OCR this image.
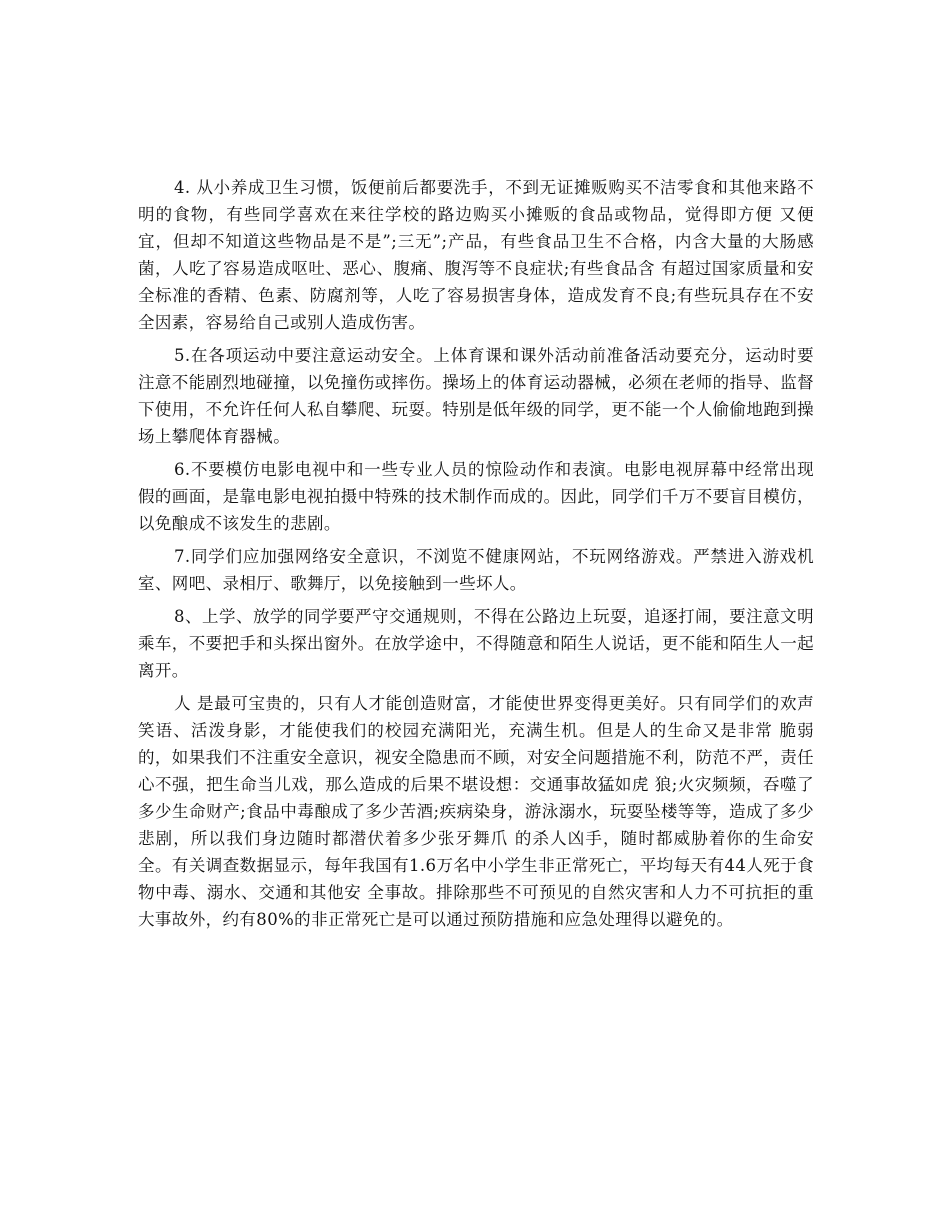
4. 从小养成卫生习惯，饭便前后都要洗手，不到无证摊贩购买不洁零食和其他来路不明的食物，有些同学喜欢在来往学校的路边购买小摊贩的食品或物品，觉得即方便 又便宜，但却不知道这些物品是不是”;三无”;产品，有些食品卫生不合格，内含大量的大肠感菌，人吃了容易造成呕吐、恶心、腹痛、腹泻等不良症状;有些食品含 有超过国家质量和安全标准的香精、色素、防腐剂等，人吃了容易损害身体，造成发育不良;有些玩具存在不安全因素，容易给自己或别人造成伤害。

5.在各项运动中要注意运动安全。上体育课和课外活动前准备活动要充分，运动时要注意不能剧烈地碰撞，以免撞伤或摔伤。操场上的体育运动器械，必须在老师的指导、监督下使用，不允许任何人私自攀爬、玩耍。特别是低年级的同学，更不能一个人偷偷地跑到操场上攀爬体育器械。

6.不要模仿电影电视中和一些专业人员的惊险动作和表演。电影电视屏幕中经常出现假的画面，是靠电影电视拍摄中特殊的技术制作而成的。因此，同学们千万不要盲目模仿，以免酿成不该发生的悲剧。

7.同学们应加强网络安全意识，不浏览不健康网站，不玩网络游戏。严禁进入游戏机室、网吧、录相厅、歌舞厅，以免接触到一些坏人。

8、上学、放学的同学要严守交通规则，不得在公路边上玩耍，追逐打闹，要注意文明乘车，不要把手和头探出窗外。在放学途中，不得随意和陌生人说话，更不能和陌生人一起离开。

人 是最可宝贵的，只有人才能创造财富，才能使世界变得更美好。只有同学们的欢声笑语、活泼身影，才能使我们的校园充满阳光，充满生机。但是人的生命又是非常 脆弱的，如果我们不注重安全意识，视安全隐患而不顾，对安全问题措施不利，防范不严，责任心不强，把生命当儿戏，那么造成的后果不堪设想：交通事故猛如虎 狼;火灾频频，吞噬了多少生命财产;食品中毒酿成了多少苦酒;疾病染身，游泳溺水，玩耍坠楼等等，造成了多少悲剧，所以我们身边随时都潜伏着多少张牙舞爪 的杀人凶手，随时都威胁着你的生命安全。有关调查数据显示，每年我国有1.6万名中小学生非正常死亡，平均每天有44人死于食物中毒、溺水、交通和其他安 全事故。排除那些不可预见的自然灾害和人力不可抗拒的重大事故外，约有80%的非正常死亡是可以通过预防措施和应急处理得以避免的。
